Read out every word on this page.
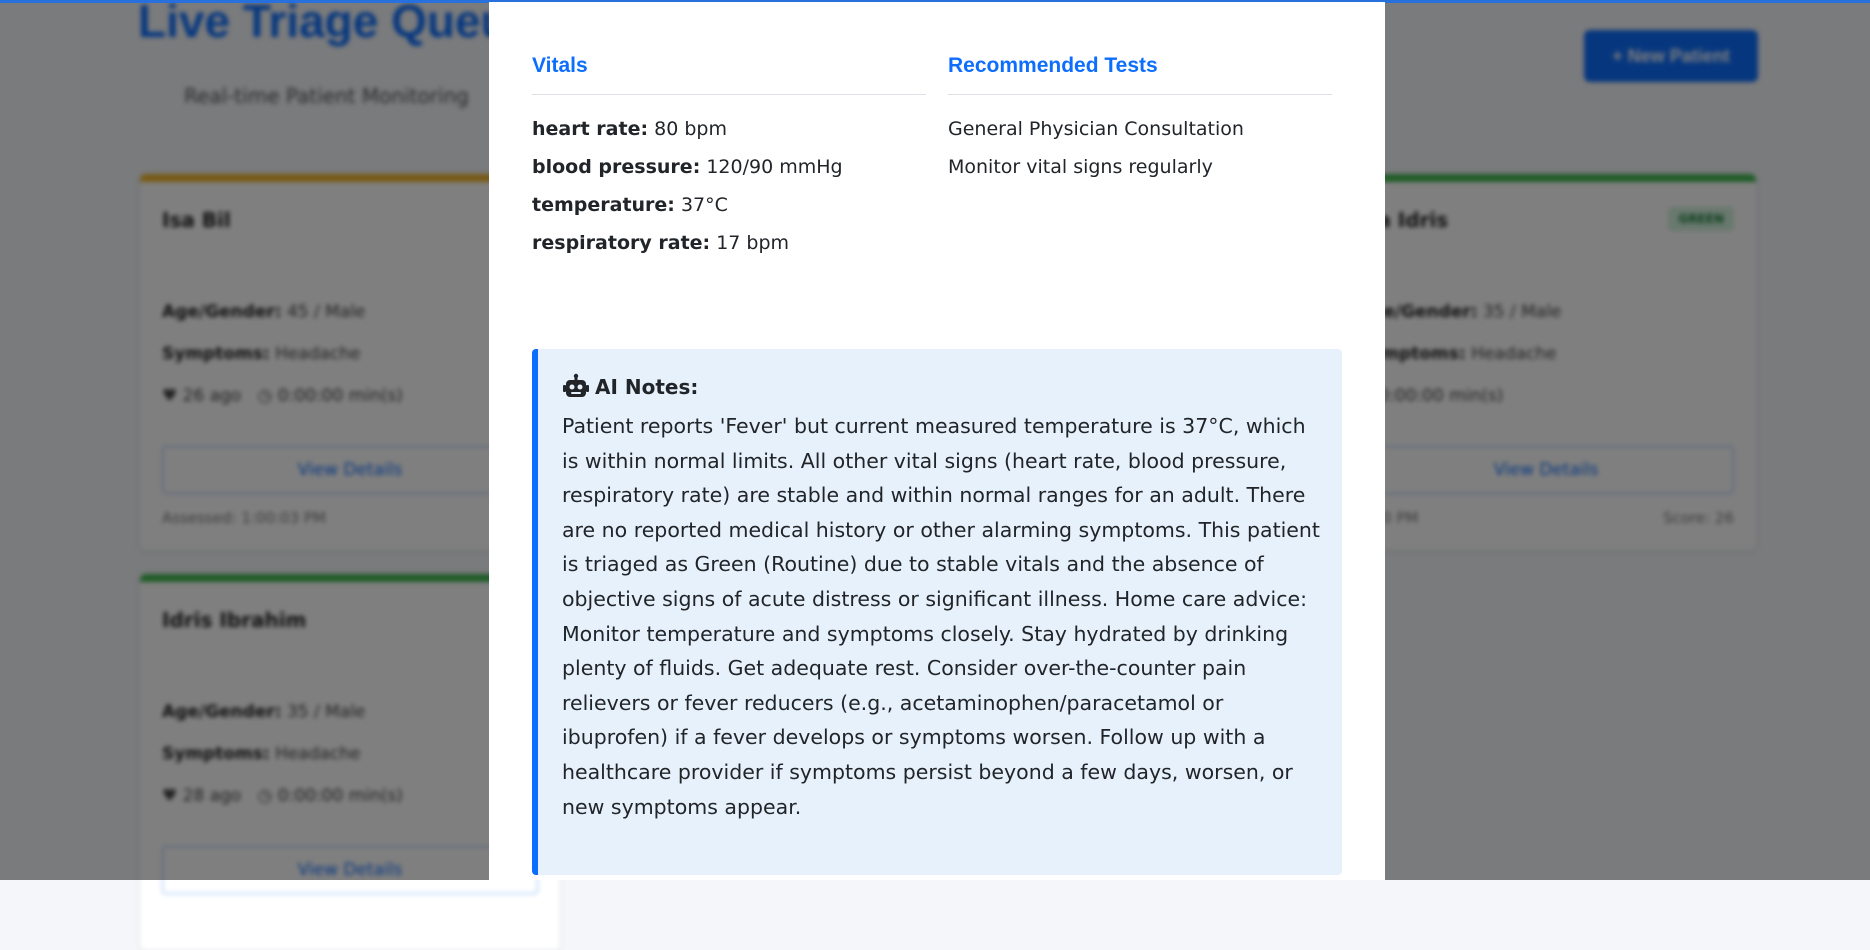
Vitals
heart rate: 80 bpm
blood pressure: 120/90 mmHg
temperature: 37°C
respiratory rate: 17 bpm
Recommended Tests
General Physician Consultation
Monitor vital signs regularly
AI Notes:
Patient reports 'Fever' but current measured temperature is 37°C, which is within normal limits. All other vital signs (heart rate, blood pressure, respiratory rate) are stable and within normal ranges for an adult. There are no reported medical history or other alarming symptoms. This patient is triaged as Green (Routine) due to stable vitals and the absence of objective signs of acute distress or significant illness. Home care advice: Monitor temperature and symptoms closely. Stay hydrated by drinking plenty of fluids. Get adequate rest. Consider over-the-counter pain relievers or fever reducers (e.g., acetaminophen/paracetamol or ibuprofen) if a fever develops or symptoms worsen. Follow up with a healthcare provider if symptoms persist beyond a few days, worsen, or new symptoms appear.
